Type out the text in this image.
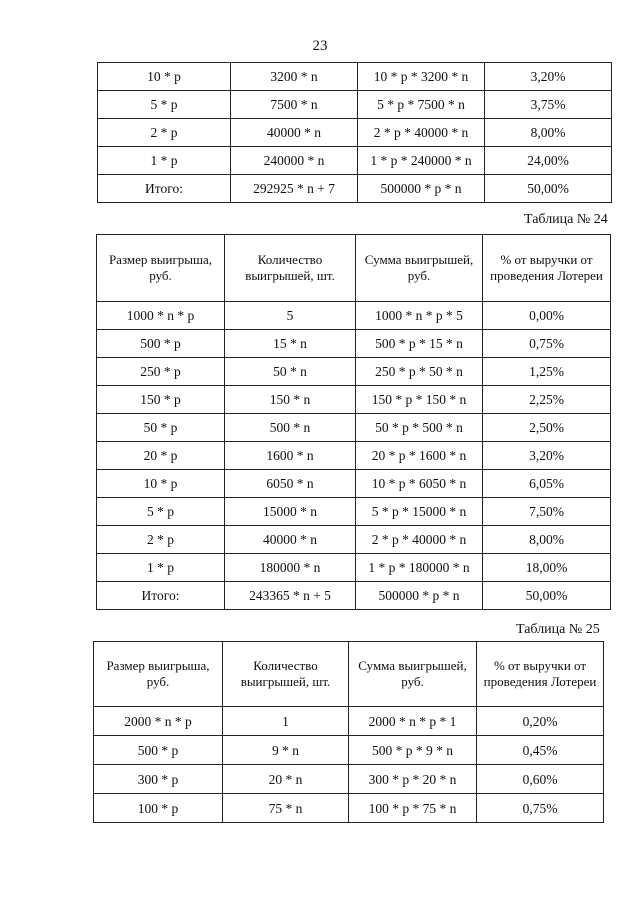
23
10 * p	3200 * n	10 * p * 3200 * n	3,20%
5 * p	7500 * n	5 * p * 7500 * n	3,75%
2 * p	40000 * n	2 * p * 40000 * n	8,00%
1 * p	240000 * n	1 * p * 240000 * n	24,00%
Итого:	292925 * n + 7	500000 * p * n	50,00%
Таблица № 24
Размер выигрыша, руб.	Количество выигрышей, шт.	Сумма выигрышей, руб.	% от выручки от проведения Лотереи
1000 * n * p	5	1000 * n * p * 5	0,00%
500 * p	15 * n	500 * p * 15 * n	0,75%
250 * p	50 * n	250 * p * 50 * n	1,25%
150 * p	150 * n	150 * p * 150 * n	2,25%
50 * p	500 * n	50 * p * 500 * n	2,50%
20 * p	1600 * n	20 * p * 1600 * n	3,20%
10 * p	6050 * n	10 * p * 6050 * n	6,05%
5 * p	15000 * n	5 * p * 15000 * n	7,50%
2 * p	40000 * n	2 * p * 40000 * n	8,00%
1 * p	180000 * n	1 * p * 180000 * n	18,00%
Итого:	243365 * n + 5	500000 * p * n	50,00%
Таблица № 25
Размер выигрыша, руб.	Количество выигрышей, шт.	Сумма выигрышей, руб.	% от выручки от проведения Лотереи
2000 * n * p	1	2000 * n * p * 1	0,20%
500 * p	9 * n	500 * p * 9 * n	0,45%
300 * p	20 * n	300 * p * 20 * n	0,60%
100 * p	75 * n	100 * p * 75 * n	0,75%
